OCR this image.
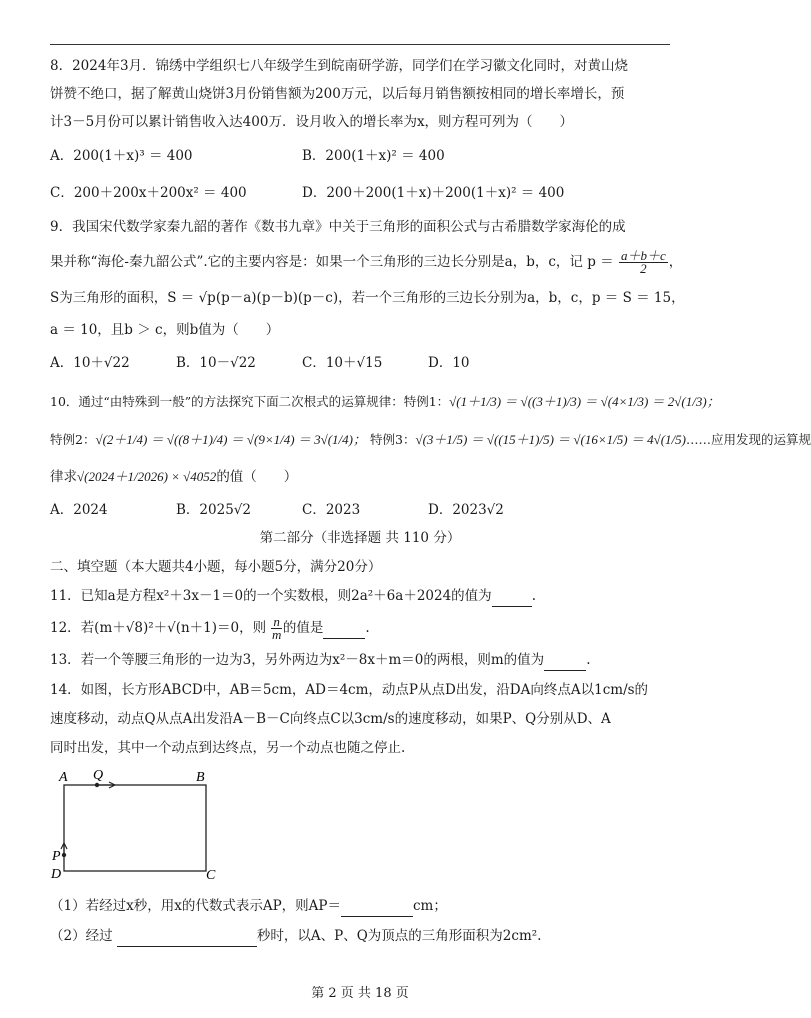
8．2024年3月．锦绣中学组织七八年级学生到皖南研学游，同学们在学习徽文化同时，对黄山烧
饼赞不绝口，据了解黄山烧饼3月份销售额为200万元，以后每月销售额按相同的增长率增长，预
计3－5月份可以累计销售收入达400万．设月收入的增长率为x，则方程可列为（　　）
A．200(1＋x)³ ＝ 400	B．200(1＋x)² ＝ 400
C．200＋200x＋200x² ＝ 400	D．200＋200(1＋x)＋200(1＋x)² ＝ 400
9．我国宋代数学家秦九韶的著作《数书九章》中关于三角形的面积公式与古希腊数学家海伦的成
果并称“海伦-秦九韶公式”.它的主要内容是：如果一个三角形的三边长分别是a，b，c，记 $p = \frac{a+b+c}{2}$ ，
S为三角形的面积，S ＝ √p(p－a)(p－b)(p－c)，若一个三角形的三边长分别为a，b，c，p ＝ S ＝ 15，
a ＝ 10，且b ＞ c，则b值为（　　）
A．10＋√22	B．10－√22	C．10＋√15	D．10
10．通过“由特殊到一般”的方法探究下面二次根式的运算规律：特例1：√(1＋1/3) ＝ √((3＋1)/3) ＝ √(4×1/3) ＝ 2√(1/3)；
特例2：√(2＋1/4) ＝ √((8＋1)/4) ＝ √(9×1/4) ＝ 3√(1/4)； 特例3：√(3＋1/5) ＝ √((15＋1)/5) ＝ √(16×1/5) ＝ 4√(1/5)……应用发现的运算规
律求√(2024＋1/2026) × √4052的值（　　）
A．2024	B．2025√2	C．2023	D．2023√2
第二部分（非选择题 共 110 分）
二、填空题（本大题共4小题，每小题5分，满分20分）
11．已知a是方程x²＋3x－1＝0的一个实数根，则2a²＋6a＋2024的值为	.
12．若(m＋√8)²＋√(n＋1)＝0，则 $\frac{n}{m}$ 的值是	.
13．若一个等腰三角形的一边为3，另外两边为x²－8x＋m＝0的两根，则m的值为	.
14．如图，长方形ABCD中，AB＝5cm，AD＝4cm，动点P从点D出发，沿DA向终点A以1cm/s的
速度移动，动点Q从点A出发沿A－B－C向终点C以3cm/s的速度移动，如果P、Q分别从D、A
同时出发，其中一个动点到达终点，另一个动点也随之停止.
A	B
C
D
Q
P
（1）若经过x秒，用x的代数式表示AP，则AP＝	cm；
（2）经过	秒时，以A、P、Q为顶点的三角形面积为2cm².
第 2 页 共 18 页
